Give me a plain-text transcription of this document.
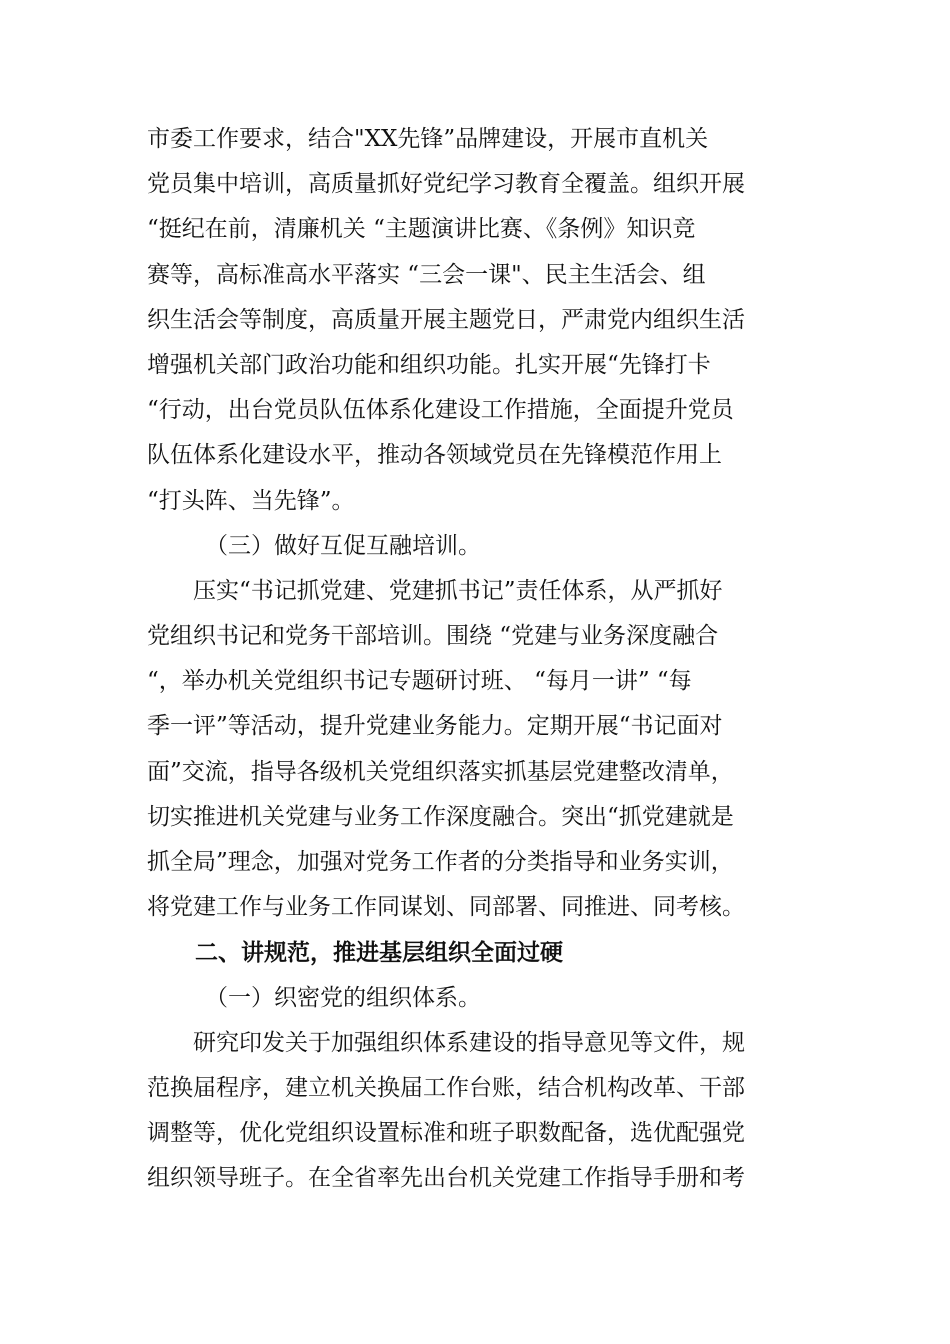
市委工作要求，结合"XX先锋”品牌建设，开展市直机关
党员集中培训，高质量抓好党纪学习教育全覆盖。组织开展
“挺纪在前，清廉机关 “主题演讲比赛、《条例》知识竞
赛等，高标准高水平落实 “三会一课"、民主生活会、组
织生活会等制度，高质量开展主题党日，严肃党内组织生活
增强机关部门政治功能和组织功能。扎实开展“先锋打卡
“行动，出台党员队伍体系化建设工作措施，全面提升党员
队伍体系化建设水平，推动各领域党员在先锋模范作用上
“打头阵、当先锋”。
（三）做好互促互融培训。
压实“书记抓党建、党建抓书记”责任体系，从严抓好
党组织书记和党务干部培训。围绕 “党建与业务深度融合
“，举办机关党组织书记专题研讨班、 “每月一讲” “每
季一评”等活动，提升党建业务能力。定期开展“书记面对
面”交流，指导各级机关党组织落实抓基层党建整改清单，
切实推进机关党建与业务工作深度融合。突出“抓党建就是
抓全局”理念，加强对党务工作者的分类指导和业务实训，
将党建工作与业务工作同谋划、同部署、同推进、同考核。
二、讲规范，推进基层组织全面过硬
（一）织密党的组织体系。
研究印发关于加强组织体系建设的指导意见等文件，规
范换届程序，建立机关换届工作台账，结合机构改革、干部
调整等，优化党组织设置标准和班子职数配备，选优配强党
组织领导班子。在全省率先出台机关党建工作指导手册和考
